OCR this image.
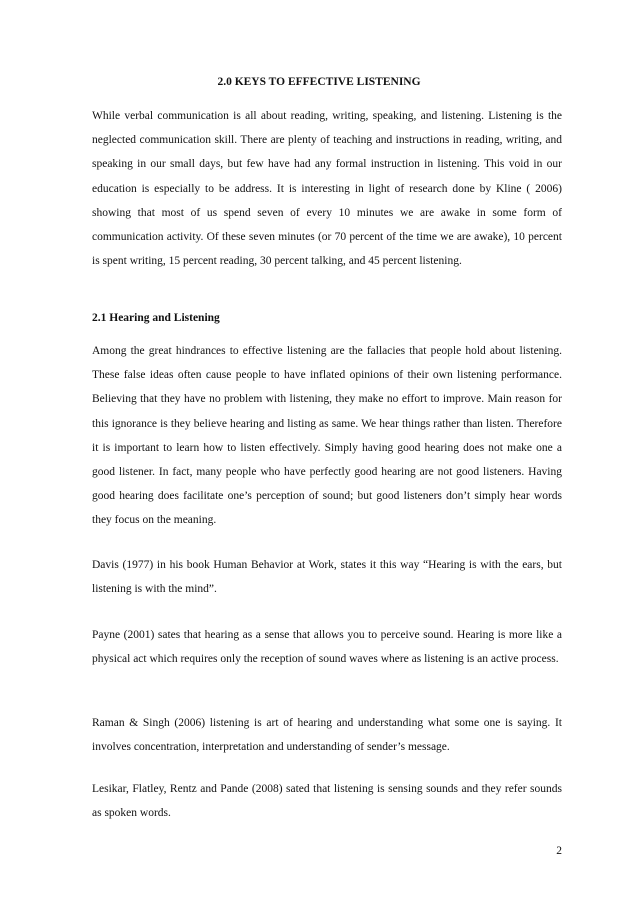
2.0 KEYS TO EFFECTIVE LISTENING

While verbal communication is all about reading, writing, speaking, and listening. Listening is the neglected communication skill. There are plenty of teaching and instructions in reading, writing, and speaking in our small days, but few have had any formal instruction in listening. This void in our education is especially to be address. It is interesting in light of research done by Kline ( 2006) showing that most of us spend seven of every 10 minutes we are awake in some form of communication activity. Of these seven minutes (or 70 percent of the time we are awake), 10 percent is spent writing, 15 percent reading, 30 percent talking, and 45 percent listening.

2.1 Hearing and Listening

Among the great hindrances to effective listening are the fallacies that people hold about listening. These false ideas often cause people to have inflated opinions of their own listening performance. Believing that they have no problem with listening, they make no effort to improve. Main reason for this ignorance is they believe hearing and listing as same. We hear things rather than listen. Therefore it is important to learn how to listen effectively. Simply having good hearing does not make one a good listener. In fact, many people who have perfectly good hearing are not good listeners. Having good hearing does facilitate one’s perception of sound; but good listeners don’t simply hear words they focus on the meaning.

Davis (1977) in his book Human Behavior at Work, states it this way “Hearing is with the ears, but listening is with the mind”.

Payne (2001) sates that hearing as a sense that allows you to perceive sound. Hearing is more like a physical act which requires only the reception of sound waves where as listening is an active process.

Raman & Singh (2006) listening is art of hearing and understanding what some one is saying. It involves concentration, interpretation and understanding of sender’s message.

Lesikar, Flatley, Rentz and Pande (2008) sated that listening is sensing sounds and they refer sounds as spoken words.

2
